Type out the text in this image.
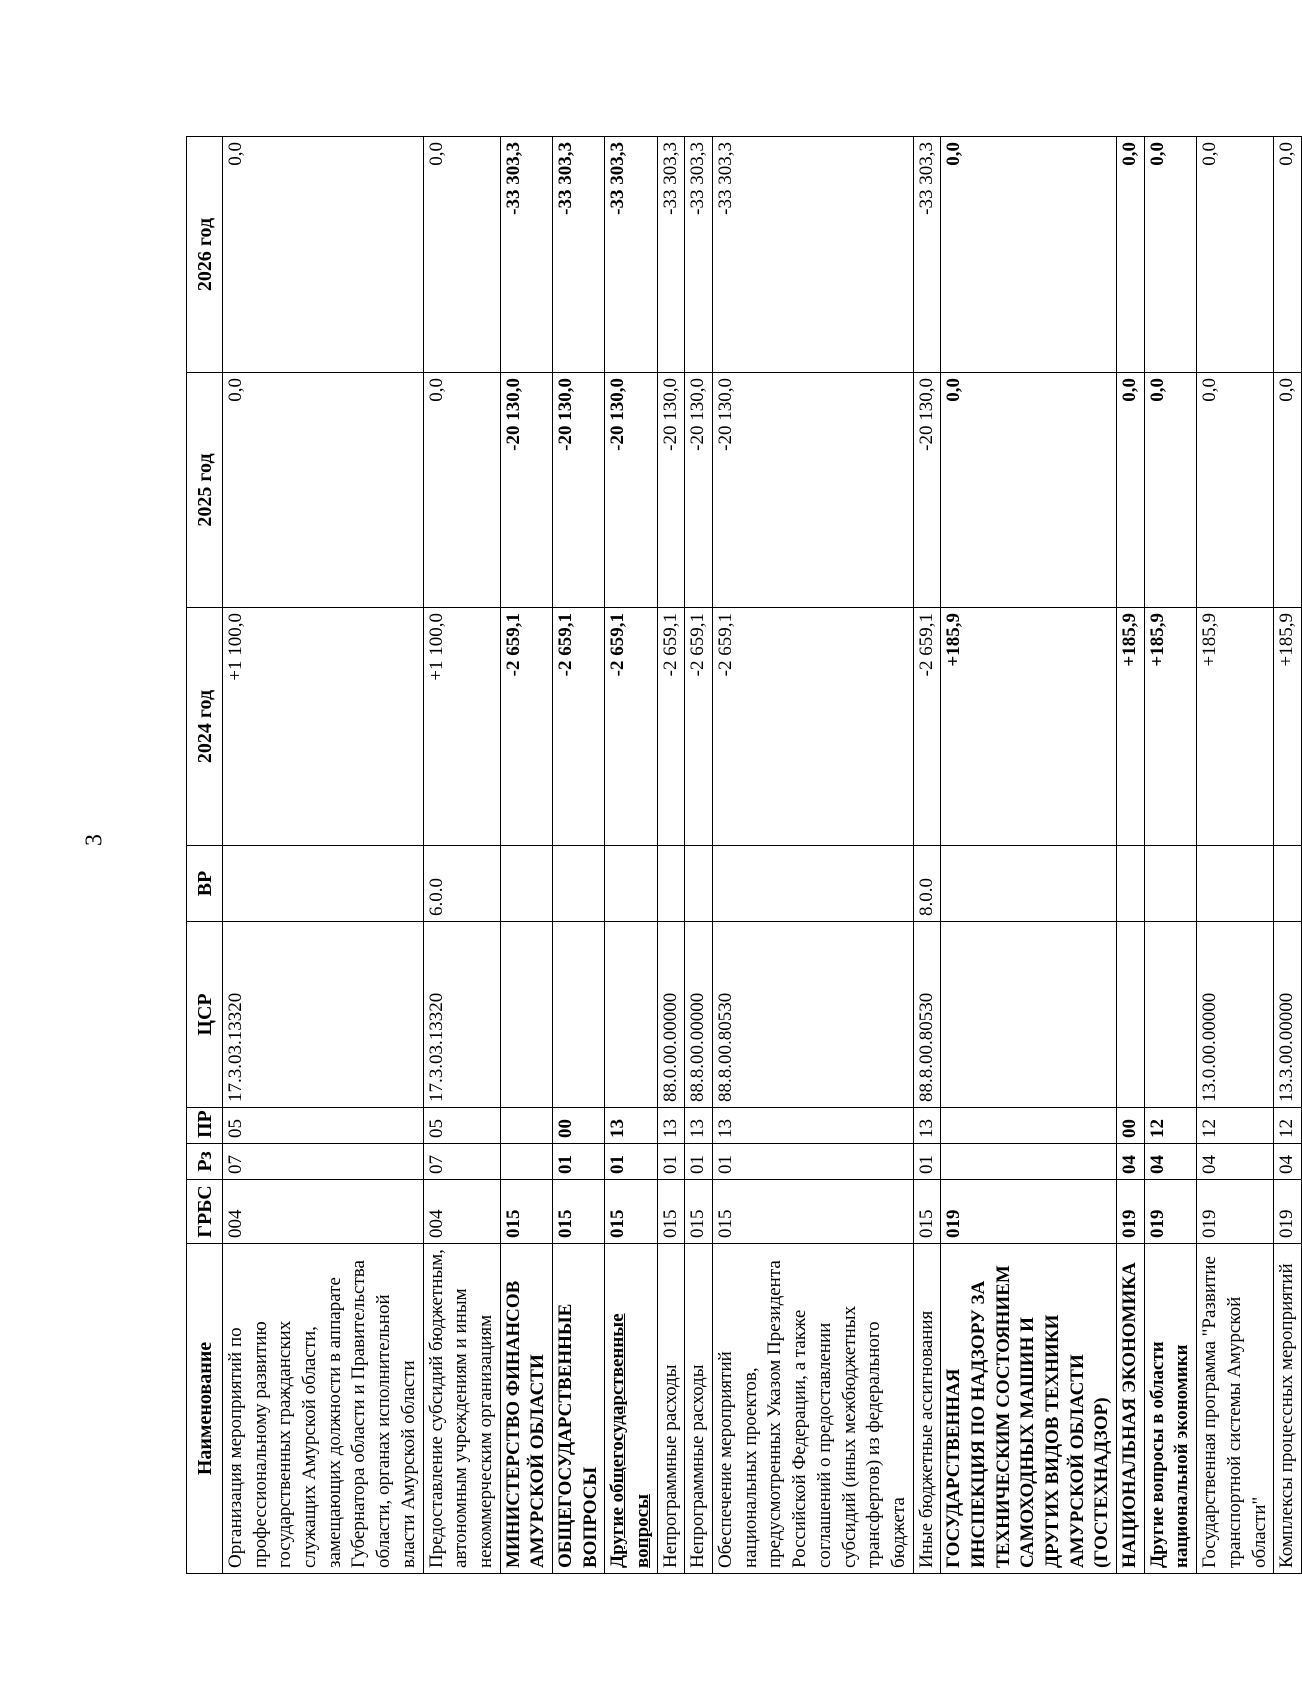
3
Наименование	ГРБС	Рз	ПР	ЦСР	ВР	2024 год	2025 год	2026 год
Организация мероприятий по профессиональному развитию государственных гражданских служащих Амурской области, замещающих должности в аппарате Губернатора области и Правительства области, органах исполнительной власти Амурской области	004	07	05	17.3.03.13320		+1 100,0	0,0	0,0
Предоставление субсидий бюджетным, автономным учреждениям и иным некоммерческим организациям	004	07	05	17.3.03.13320	6.0.0	+1 100,0	0,0	0,0
МИНИСТЕРСТВО ФИНАНСОВ АМУРСКОЙ ОБЛАСТИ	015					-2 659,1	-20 130,0	-33 303,3
ОБЩЕГОСУДАРСТВЕННЫЕ ВОПРОСЫ	015	01	00			-2 659,1	-20 130,0	-33 303,3
Другие общегосударственные вопросы	015	01	13			-2 659,1	-20 130,0	-33 303,3
Непрограммные расходы	015	01	13	88.0.00.00000		-2 659,1	-20 130,0	-33 303,3
Непрограммные расходы	015	01	13	88.8.00.00000		-2 659,1	-20 130,0	-33 303,3
Обеспечение мероприятий национальных проектов, предусмотренных Указом Президента Российской Федерации, а также соглашений о предоставлении субсидий (иных межбюджетных трансфертов) из федерального бюджета	015	01	13	88.8.00.80530		-2 659,1	-20 130,0	-33 303,3
Иные бюджетные ассигнования	015	01	13	88.8.00.80530	8.0.0	-2 659,1	-20 130,0	-33 303,3
ГОСУДАРСТВЕННАЯ ИНСПЕКЦИЯ ПО НАДЗОРУ ЗА ТЕХНИЧЕСКИМ СОСТОЯНИЕМ САМОХОДНЫХ МАШИН И ДРУГИХ ВИДОВ ТЕХНИКИ АМУРСКОЙ ОБЛАСТИ (ГОСТЕХНАДЗОР)	019					+185,9	0,0	0,0
НАЦИОНАЛЬНАЯ ЭКОНОМИКА	019	04	00			+185,9	0,0	0,0
Другие вопросы в области национальной экономики	019	04	12			+185,9	0,0	0,0
Государственная программа "Развитие транспортной системы Амурской области"	019	04	12	13.0.00.00000		+185,9	0,0	0,0
Комплексы процессных мероприятий	019	04	12	13.3.00.00000		+185,9	0,0	0,0
